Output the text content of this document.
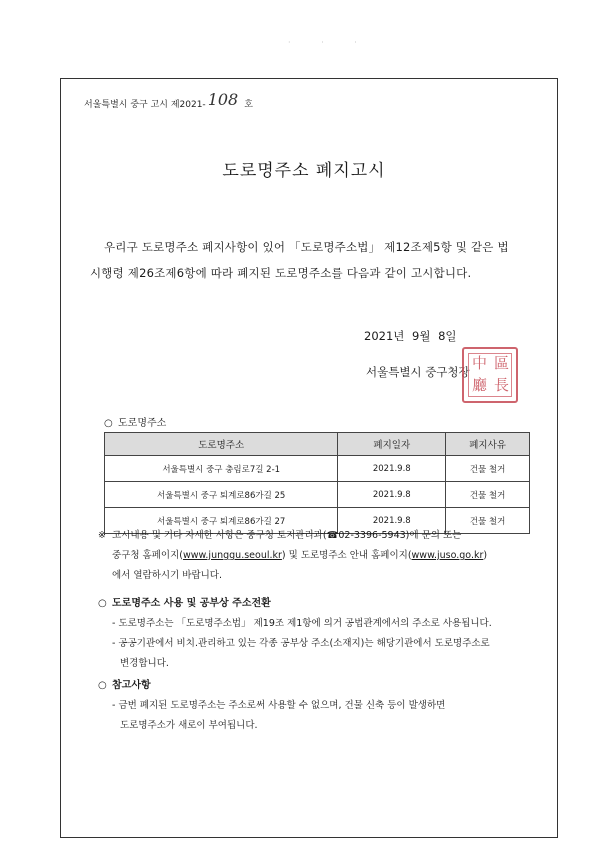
· · ·
서울특별시 중구 고시 제2021- 108 호
도로명주소 폐지고시
우리구 도로명주소 폐지사항이 있어 「도로명주소법」 제12조제5항 및 같은 법
시행령 제26조제6항에 따라 폐지된 도로명주소를 다음과 같이 고시합니다.
2021년 9월 8일
서울특별시 중구청장 中 區
廳 長
○ 도로명주소
도로명주소	폐지일자	폐지사유
서울특별시 중구 충림로7길 2-1	2021.9.8	건물 철거
서울특별시 중구 퇴계로86가길 25	2021.9.8	건물 철거
서울특별시 중구 퇴계로86가길 27	2021.9.8	건물 철거
※ 고시내용 및 기타 자세한 사항은 중구청 토지관리과(☎02-3396-5943)에 문의 또는
중구청 홈페이지(www.junggu.seoul.kr) 및 도로명주소 안내 홈페이지(www.juso.go.kr)
에서 열람하시기 바랍니다.
○ 도로명주소 사용 및 공부상 주소전환
- 도로명주소는 「도로명주소법」 제19조 제1항에 의거 공법관계에서의 주소로 사용됩니다.
- 공공기관에서 비치․관리하고 있는 각종 공부상 주소(소재지)는 해당기관에서 도로명주소로
변경합니다.
○ 참고사항
- 금번 폐지된 도로명주소는 주소로써 사용할 수 없으며, 건물 신축 등이 발생하면
도로명주소가 새로이 부여됩니다.
